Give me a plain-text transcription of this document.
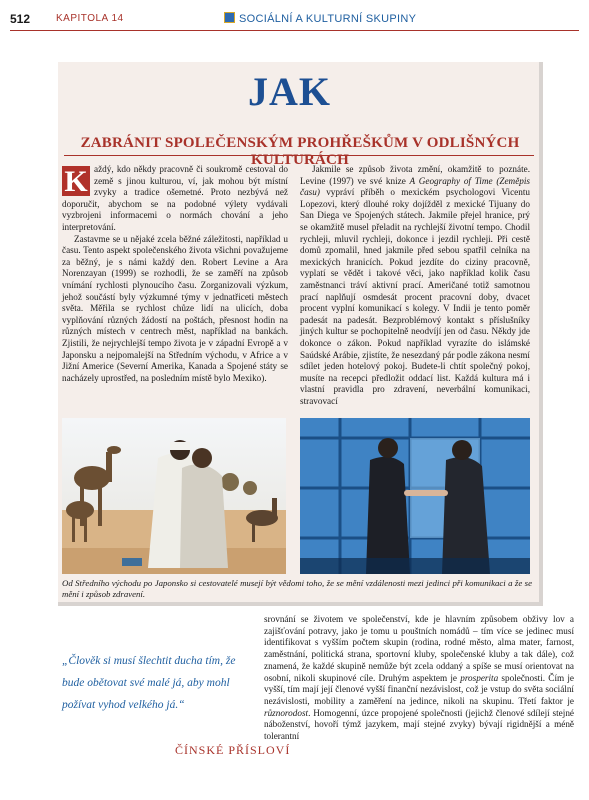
512	KAPITOLA 14	SOCIÁLNÍ A KULTURNÍ SKUPINY
JAK
ZABRÁNIT SPOLEČENSKÝM PROHŘEŠKŮM V ODLIŠNÝCH KULTURÁCH

K aždý, kdo někdy pracovně či soukromě cestoval do země s jinou kulturou, ví, jak mohou být místní zvyky a tradice ošemetné. Proto nezbývá než doporučit, abychom se na podobné výlety vydávali vyzbrojeni informacemi o normách chování a jeho interpretování.

Zastavme se u nějaké zcela běžné záležitosti, například u času. Tento aspekt společenského života všichni považujeme za běžný, je s námi každý den. Robert Levine a Ara Norenzayan (1999) se rozhodli, že se zaměří na způsob vnímání rychlosti plynoucího času. Zorganizovali výzkum, jehož součástí byly výzkumné týmy v jednatřiceti městech světa. Měřila se rychlost chůze lidí na ulicích, doba vyplňování různých žádostí na poštách, přesnost hodin na různých místech v centrech měst, například na bankách. Zjistili, že nejrychlejší tempo života je v západní Evropě a v Japonsku a nejpomalejší na Středním východu, v Africe a v Jižní Americe (Severní Amerika, Kanada a Spojené státy se nacházely uprostřed, na posledním místě bylo Mexiko).

Jakmile se způsob života změní, okamžitě to poznáte. Levine (1997) ve své knize A Geography of Time (Zeměpis času) vypráví příběh o mexickém psychologovi Vicentu Lopezovi, který dlouhé roky dojížděl z mexické Tijuany do San Diega ve Spojených státech. Jakmile přejel hranice, prý se okamžitě musel přeladit na rychlejší životní tempo. Chodil rychleji, mluvil rychleji, dokonce i jezdil rychleji. Při cestě domů zpomalil, hned jakmile před sebou spatřil celníka na mexických hranicích. Pokud jezdíte do ciziny pracovně, vyplatí se vědět i takové věci, jako například kolik času zaměstnanci tráví aktivní prací. Američané totiž samotnou prací naplňují osmdesát procent pracovní doby, dvacet procent vyplní komunikací s kolegy. V Indii je tento poměr padesát na padesát. Bezproblémový kontakt s příslušníky jiných kultur se pochopitelně neodvíjí jen od času. Někdy jde dokonce o zákon. Pokud například vyrazíte do islámské Saúdské Arábie, zjistíte, že nesezdaný pár podle zákona nesmí sdílet jeden hotelový pokoj. Budete-li chtít společný pokoj, musíte na recepci předložit oddací list. Každá kultura má i vlastní pravidla pro zdravení, neverbální komunikaci, stravovací

Od Středního východu po Japonsko si cestovatelé musejí být vědomi toho, že se mění vzdálenosti mezi jedinci při komunikaci a že se mění i způsob zdravení.
„Člověk si musí šlechtit ducha tím, že bude obětovat své malé já, aby mohl požívat vyhod velkého já.“
ČÍNSKÉ PŘÍSLOVÍ

srovnání se životem ve společenství, kde je hlavním způsobem obživy lov a zajišťování potravy, jako je tomu u pouštních nomádů – tím více se jedinec musí identifikovat s vyšším počtem skupin (rodina, rodné město, alma mater, farnost, zaměstnání, politická strana, sportovní kluby, společenské kluby a tak dále), což znamená, že každé skupině nemůže být zcela oddaný a spíše se musí orientovat na osobní, nikoli skupinové cíle. Druhým aspektem je prosperita společnosti. Čím je vyšší, tím mají její členové vyšší finanční nezávislost, což je vstup do světa sociální nezávislosti, mobility a zaměření na jedince, nikoli na skupinu. Třetí faktor je různorodost. Homogenní, úzce propojené společnosti (jejichž členové sdílejí stejné náboženství, hovoří týmž jazykem, mají stejné zvyky) bývají rigidnější a méně tolerantní
